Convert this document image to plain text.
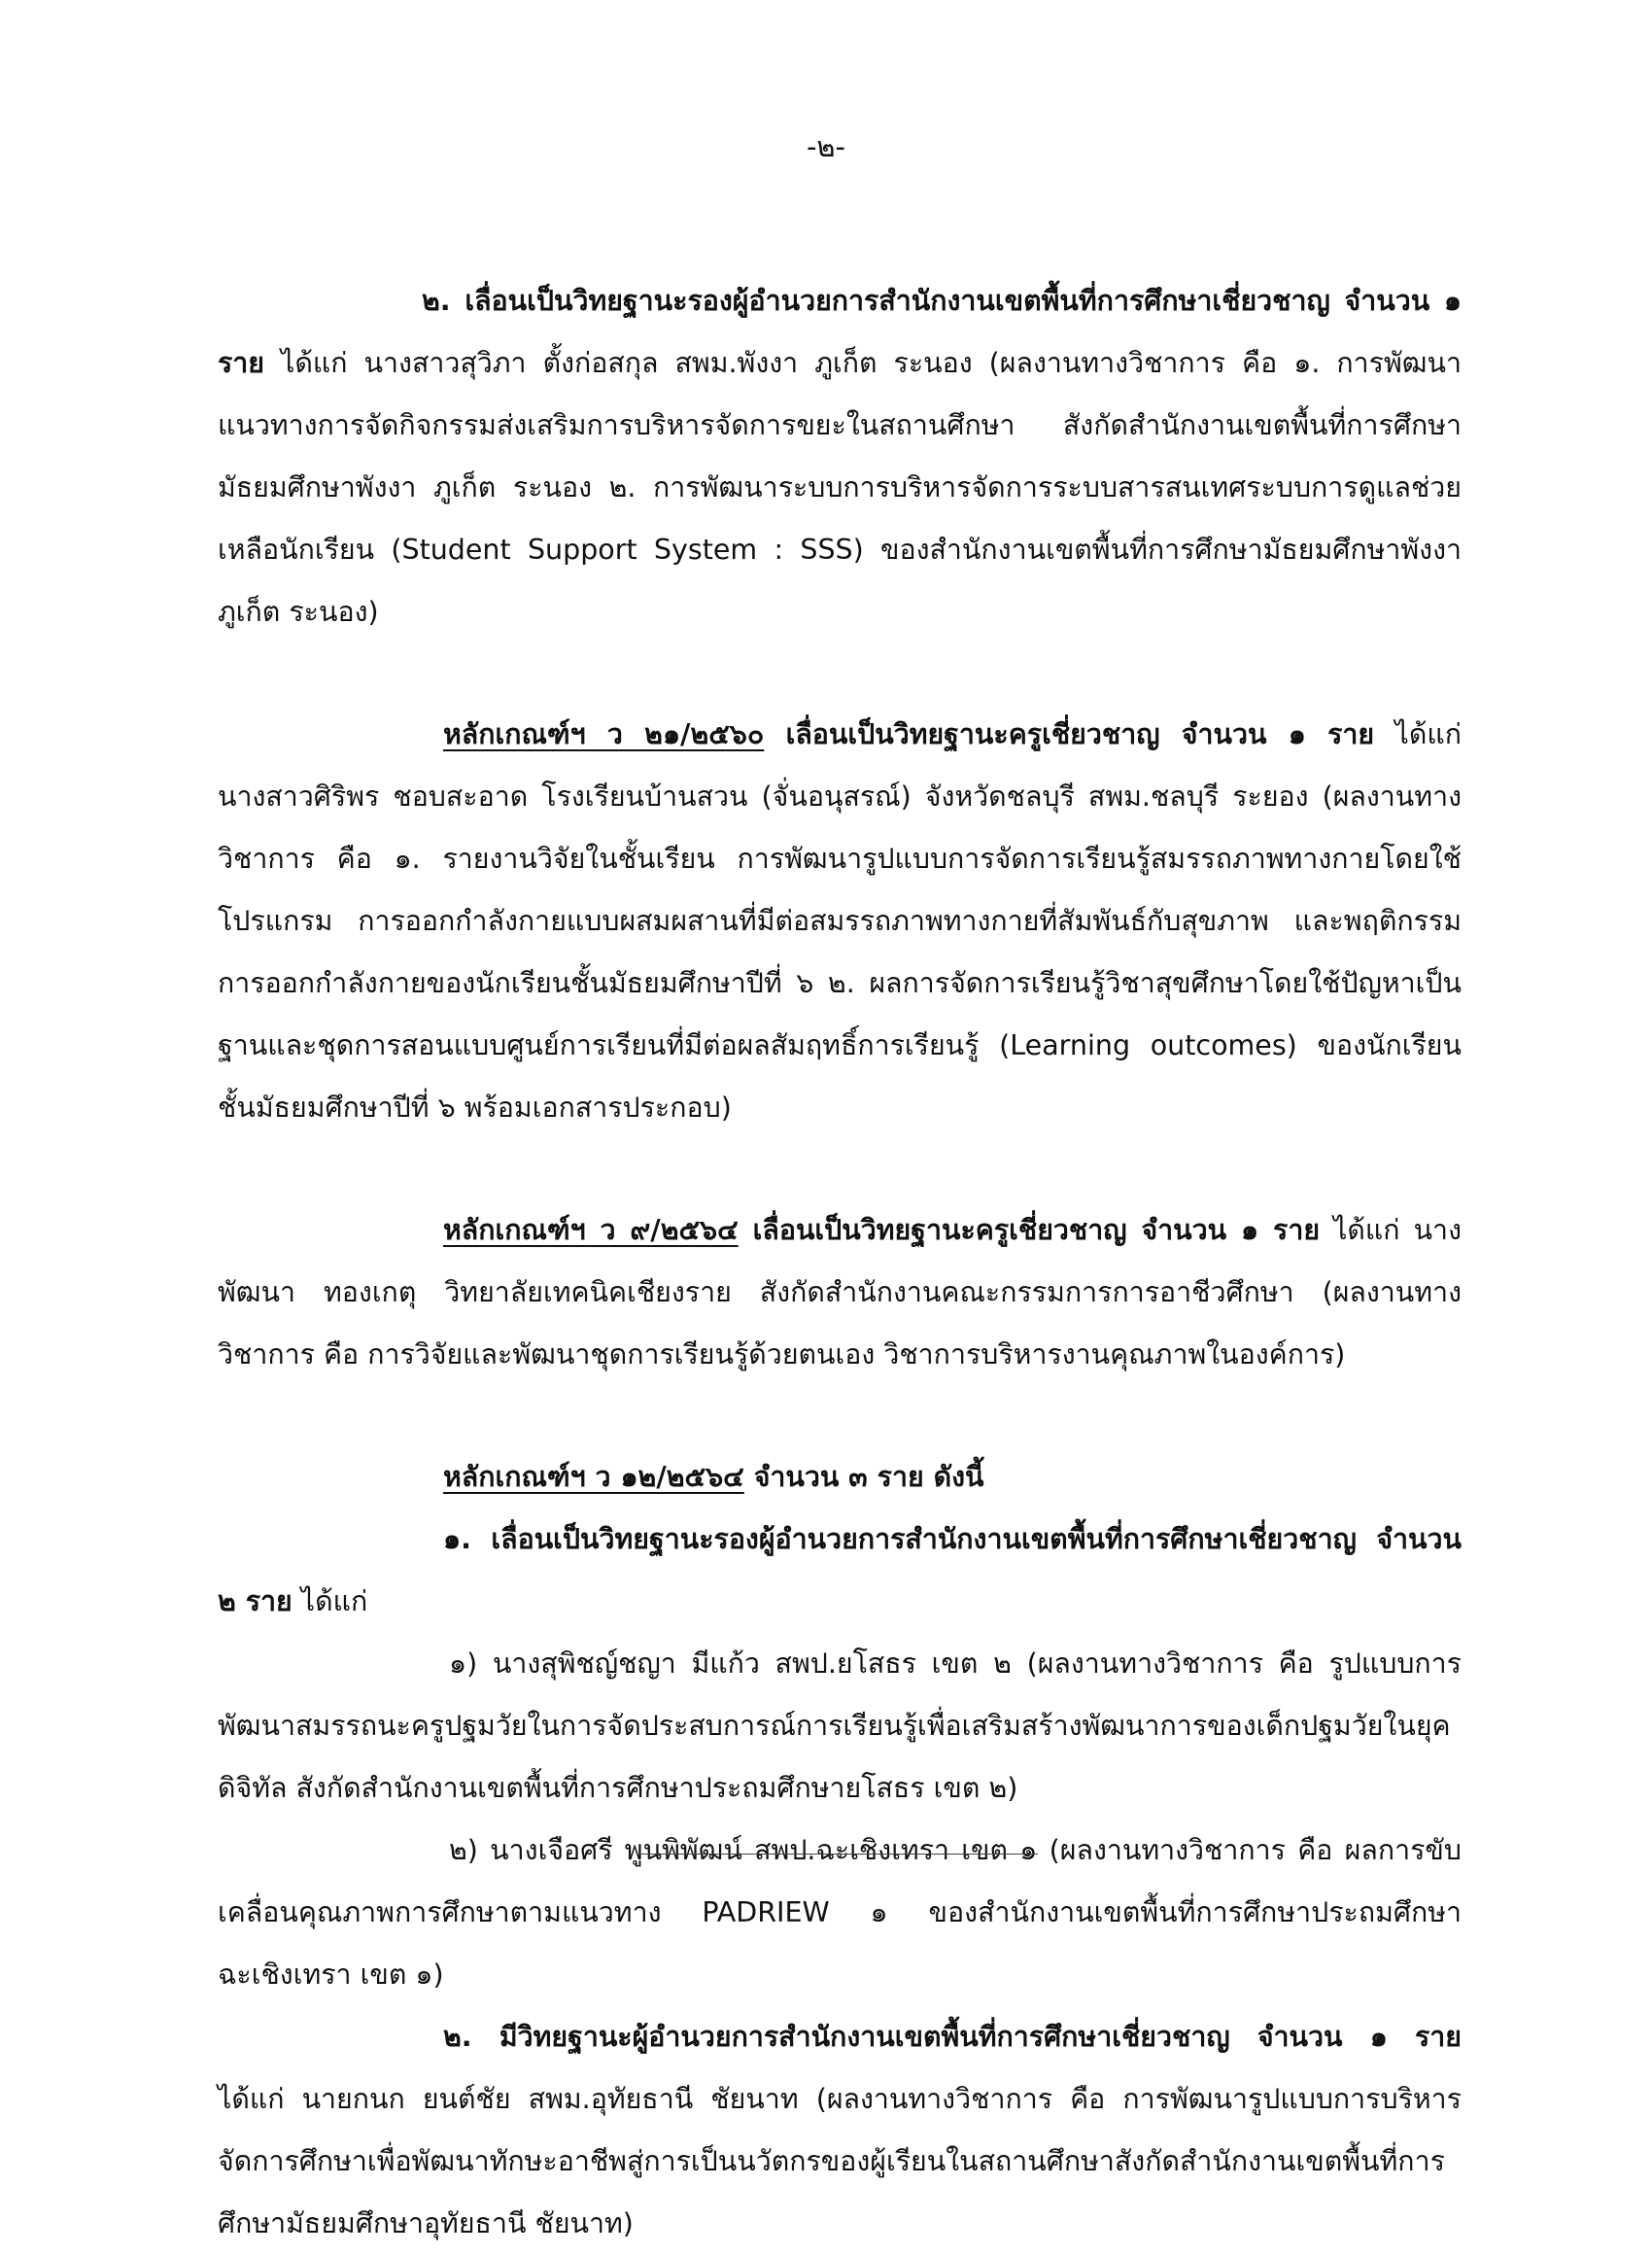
-๒-

๒. เลื่อนเป็นวิทยฐานะรองผู้อำนวยการสำนักงานเขตพื้นที่การศึกษาเชี่ยวชาญ จำนวน ๑ ราย ได้แก่ นางสาวสุวิภา ตั้งก่อสกุล สพม.พังงา ภูเก็ต ระนอง (ผลงานทางวิชาการ คือ ๑. การพัฒนาแนวทางการจัดกิจกรรมส่งเสริมการบริหารจัดการขยะในสถานศึกษา สังกัดสำนักงานเขตพื้นที่การศึกษามัธยมศึกษาพังงา ภูเก็ต ระนอง ๒. การพัฒนาระบบการบริหารจัดการระบบสารสนเทศระบบการดูแลช่วยเหลือนักเรียน (Student Support System : SSS) ของสำนักงานเขตพื้นที่การศึกษามัธยมศึกษาพังงา ภูเก็ต ระนอง)

หลักเกณฑ์ฯ ว ๒๑/๒๕๖๐ เลื่อนเป็นวิทยฐานะครูเชี่ยวชาญ จำนวน ๑ ราย ได้แก่ นางสาวศิริพร ชอบสะอาด โรงเรียนบ้านสวน (จั่นอนุสรณ์) จังหวัดชลบุรี สพม.ชลบุรี ระยอง (ผลงานทางวิชาการ คือ ๑. รายงานวิจัยในชั้นเรียน การพัฒนารูปแบบการจัดการเรียนรู้สมรรถภาพทางกายโดยใช้โปรแกรม การออกกำลังกายแบบผสมผสานที่มีต่อสมรรถภาพทางกายที่สัมพันธ์กับสุขภาพ และพฤติกรรมการออกกำลังกายของนักเรียนชั้นมัธยมศึกษาปีที่ ๖ ๒. ผลการจัดการเรียนรู้วิชาสุขศึกษาโดยใช้ปัญหาเป็นฐานและชุดการสอนแบบศูนย์การเรียนที่มีต่อผลสัมฤทธิ์การเรียนรู้ (Learning outcomes) ของนักเรียนชั้นมัธยมศึกษาปีที่ ๖ พร้อมเอกสารประกอบ)

หลักเกณฑ์ฯ ว ๙/๒๕๖๔ เลื่อนเป็นวิทยฐานะครูเชี่ยวชาญ จำนวน ๑ ราย ได้แก่ นางพัฒนา ทองเกตุ วิทยาลัยเทคนิคเชียงราย สังกัดสำนักงานคณะกรรมการการอาชีวศึกษา (ผลงานทางวิชาการ คือ การวิจัยและพัฒนาชุดการเรียนรู้ด้วยตนเอง วิชาการบริหารงานคุณภาพในองค์การ)

หลักเกณฑ์ฯ ว ๑๒/๒๕๖๔ จำนวน ๓ ราย ดังนี้

๑. เลื่อนเป็นวิทยฐานะรองผู้อำนวยการสำนักงานเขตพื้นที่การศึกษาเชี่ยวชาญ จำนวน ๒ ราย ได้แก่

๑) นางสุพิชญ์ชญา มีแก้ว สพป.ยโสธร เขต ๒ (ผลงานทางวิชาการ คือ รูปแบบการพัฒนาสมรรถนะครูปฐมวัยในการจัดประสบการณ์การเรียนรู้เพื่อเสริมสร้างพัฒนาการของเด็กปฐมวัยในยุคดิจิทัล สังกัดสำนักงานเขตพื้นที่การศึกษาประถมศึกษายโสธร เขต ๒)

๒) นางเจือศรี พูนพิพัฒน์ สพป.ฉะเชิงเทรา เขต ๑ (ผลงานทางวิชาการ คือ ผลการขับเคลื่อนคุณภาพการศึกษาตามแนวทาง PADRIEW ๑ ของสำนักงานเขตพื้นที่การศึกษาประถมศึกษาฉะเชิงเทรา เขต ๑)

๒. มีวิทยฐานะผู้อำนวยการสำนักงานเขตพื้นที่การศึกษาเชี่ยวชาญ จำนวน ๑ ราย ได้แก่ นายกนก ยนต์ชัย สพม.อุทัยธานี ชัยนาท (ผลงานทางวิชาการ คือ การพัฒนารูปแบบการบริหารจัดการศึกษาเพื่อพัฒนาทักษะอาชีพสู่การเป็นนวัตกรของผู้เรียนในสถานศึกษาสังกัดสำนักงานเขตพื้นที่การศึกษามัธยมศึกษาอุทัยธานี ชัยนาท)
